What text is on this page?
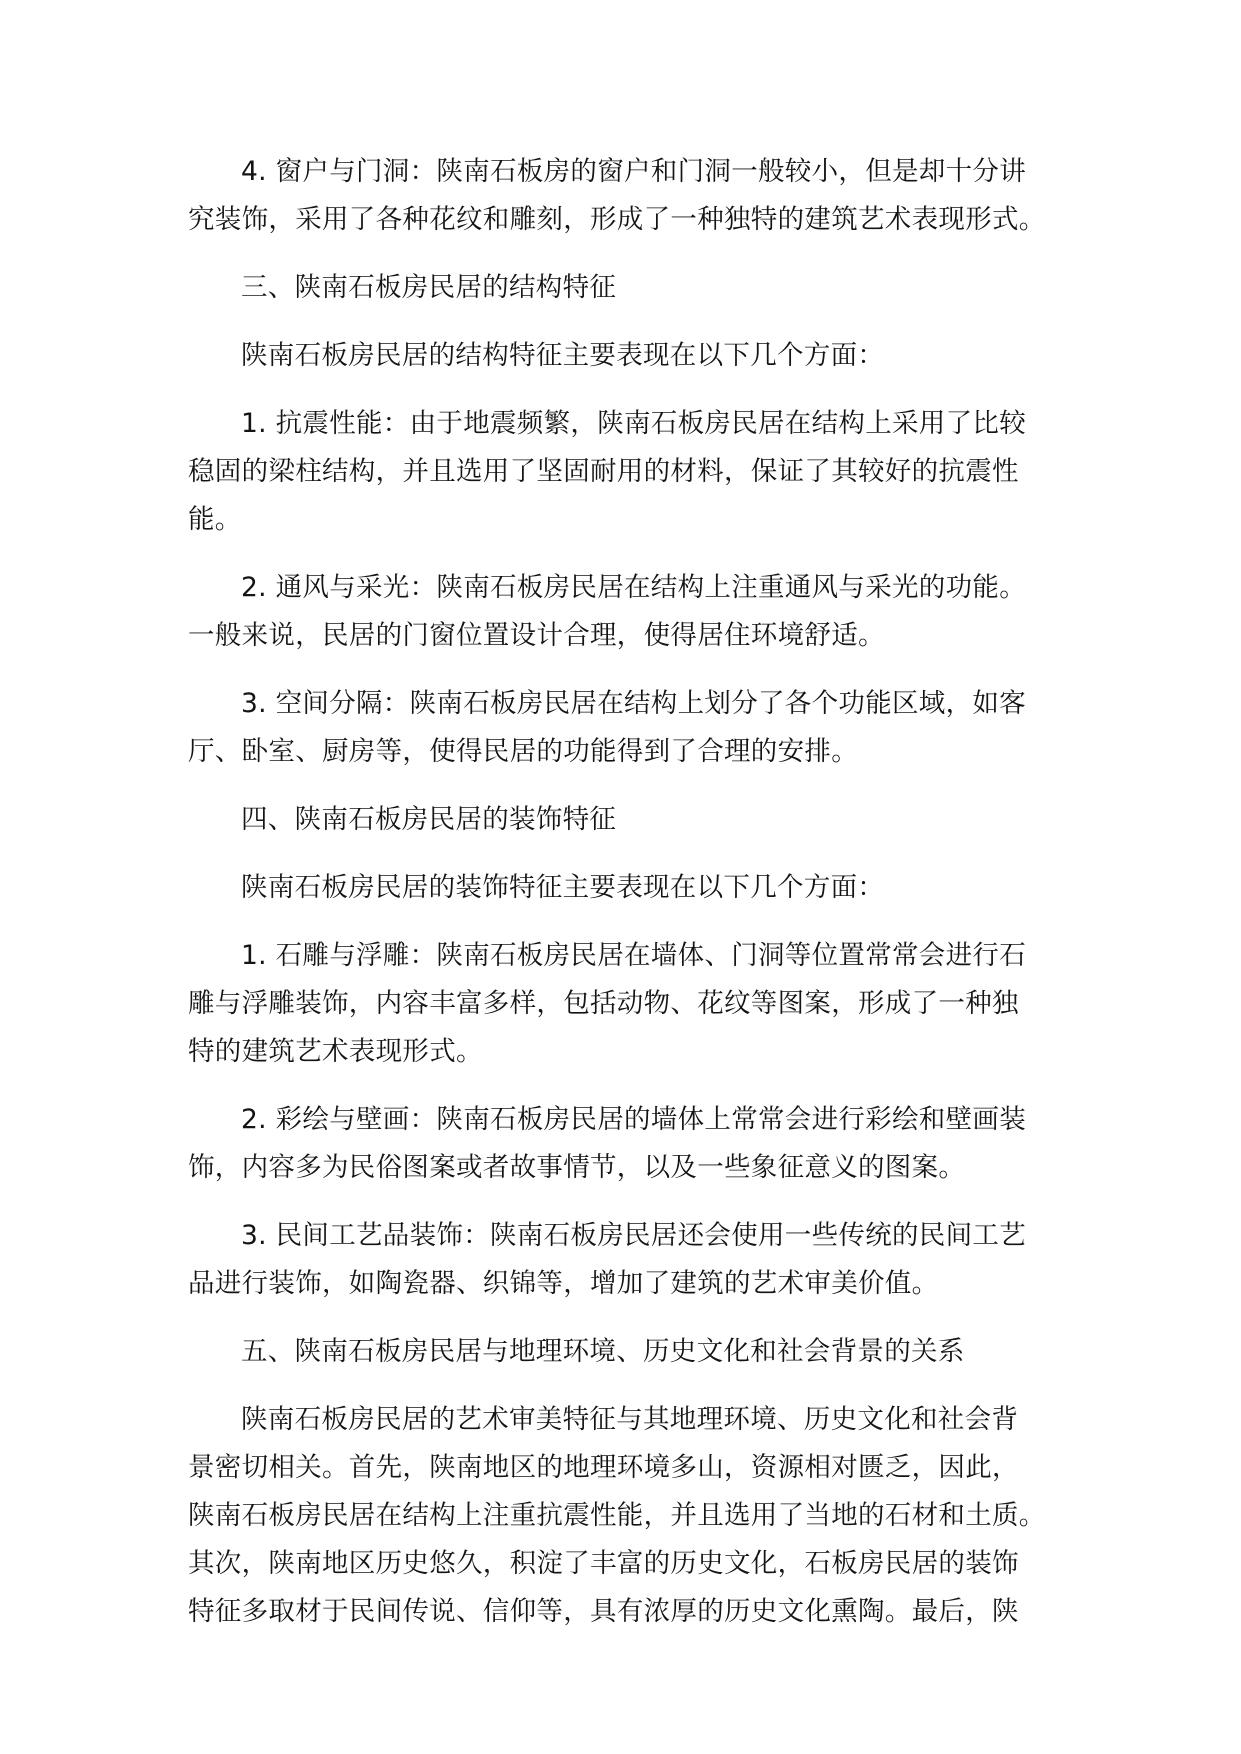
4. 窗户与门洞：陕南石板房的窗户和门洞一般较小，但是却十分讲
究装饰，采用了各种花纹和雕刻，形成了一种独特的建筑艺术表现形式。

三、陕南石板房民居的结构特征

陕南石板房民居的结构特征主要表现在以下几个方面：

1. 抗震性能：由于地震频繁，陕南石板房民居在结构上采用了比较
稳固的梁柱结构，并且选用了坚固耐用的材料，保证了其较好的抗震性
能。

2. 通风与采光：陕南石板房民居在结构上注重通风与采光的功能。
一般来说，民居的门窗位置设计合理，使得居住环境舒适。

3. 空间分隔：陕南石板房民居在结构上划分了各个功能区域，如客
厅、卧室、厨房等，使得民居的功能得到了合理的安排。

四、陕南石板房民居的装饰特征

陕南石板房民居的装饰特征主要表现在以下几个方面：

1. 石雕与浮雕：陕南石板房民居在墙体、门洞等位置常常会进行石
雕与浮雕装饰，内容丰富多样，包括动物、花纹等图案，形成了一种独
特的建筑艺术表现形式。

2. 彩绘与壁画：陕南石板房民居的墙体上常常会进行彩绘和壁画装
饰，内容多为民俗图案或者故事情节，以及一些象征意义的图案。

3. 民间工艺品装饰：陕南石板房民居还会使用一些传统的民间工艺
品进行装饰，如陶瓷器、织锦等，增加了建筑的艺术审美价值。

五、陕南石板房民居与地理环境、历史文化和社会背景的关系

陕南石板房民居的艺术审美特征与其地理环境、历史文化和社会背
景密切相关。首先，陕南地区的地理环境多山，资源相对匮乏，因此，
陕南石板房民居在结构上注重抗震性能，并且选用了当地的石材和土质。
其次，陕南地区历史悠久，积淀了丰富的历史文化，石板房民居的装饰
特征多取材于民间传说、信仰等，具有浓厚的历史文化熏陶。最后，陕
